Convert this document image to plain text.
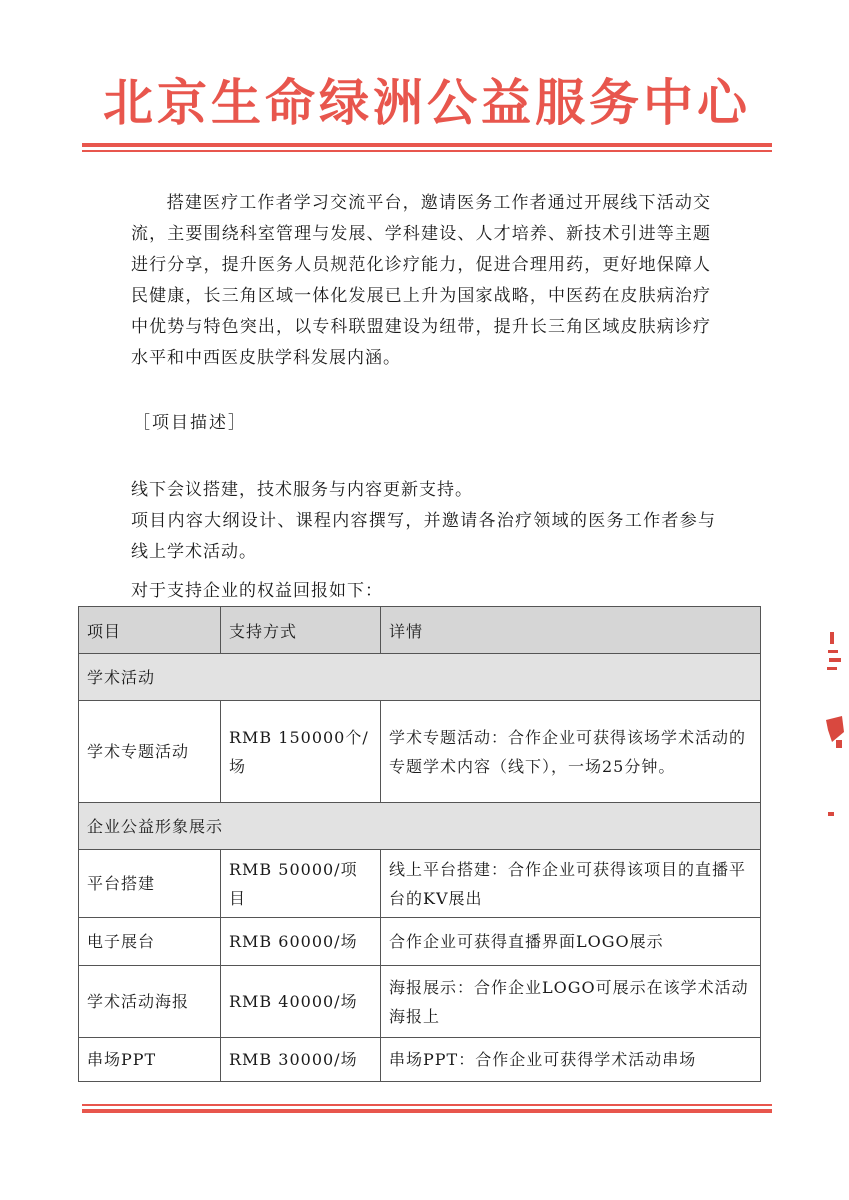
北京生命绿洲公益服务中心

搭建医疗工作者学习交流平台，邀请医务工作者通过开展线下活动交流，主要围绕科室管理与发展、学科建设、人才培养、新技术引进等主题进行分享，提升医务人员规范化诊疗能力，促进合理用药，更好地保障人民健康，长三角区域一体化发展已上升为国家战略，中医药在皮肤病治疗中优势与特色突出，以专科联盟建设为纽带，提升长三角区域皮肤病诊疗水平和中西医皮肤学科发展内涵。

［项目描述］

线下会议搭建，技术服务与内容更新支持。

项目内容大纲设计、课程内容撰写，并邀请各治疗领域的医务工作者参与线上学术活动。

对于支持企业的权益回报如下：

项目	支持方式	详情
学术活动		
学术专题活动	RMB 150000个/场	学术专题活动：合作企业可获得该场学术活动的专题学术内容（线下），一场25分钟。
企业公益形象展示		
平台搭建	RMB 50000/项目	线上平台搭建：合作企业可获得该项目的直播平台的KV展出
电子展台	RMB 60000/场	合作企业可获得直播界面LOGO展示
学术活动海报	RMB 40000/场	海报展示：合作企业LOGO可展示在该学术活动海报上
串场PPT	RMB 30000/场	串场PPT：合作企业可获得学术活动串场
